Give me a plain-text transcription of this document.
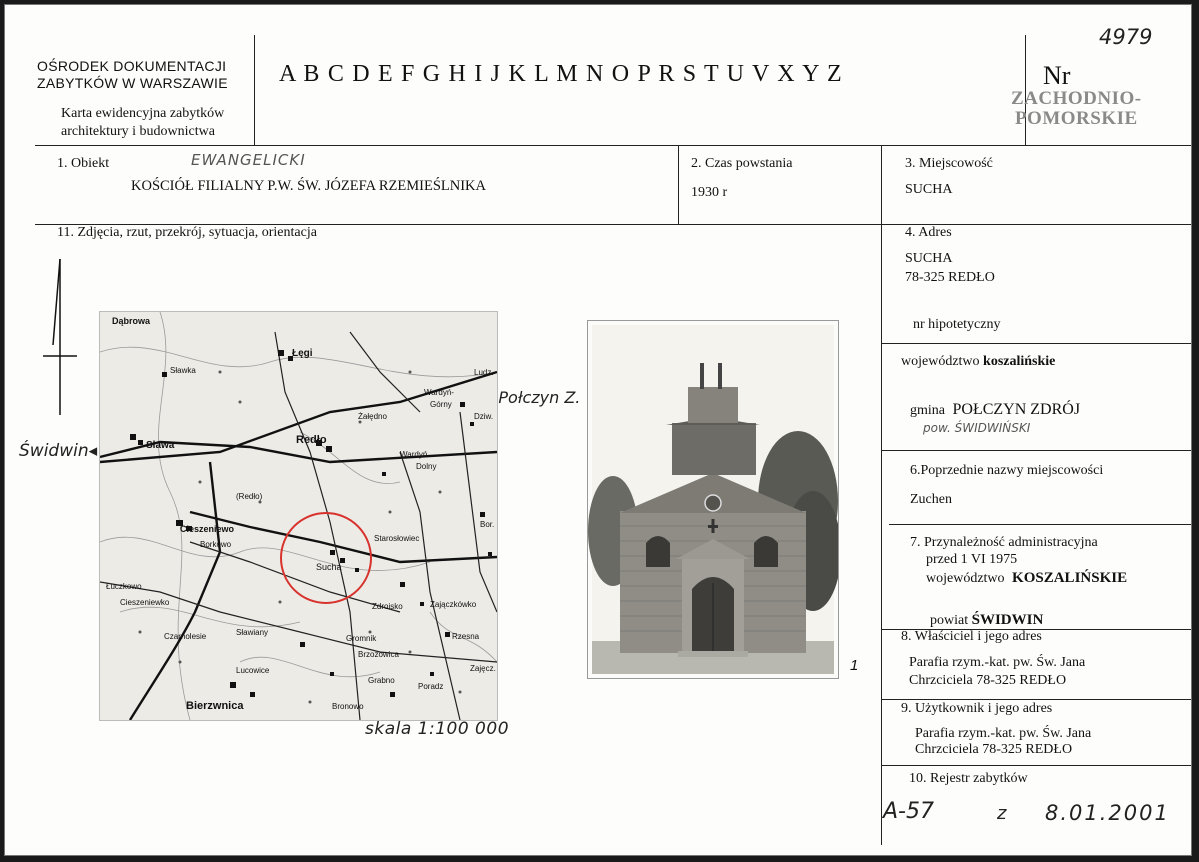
OŚRODEK DOKUMENTACJI
ZABYTKÓW W WARSZAWIE
Karta ewidencyjna zabytków
architektury i budownictwa
A B C D E F G H I J K L M N O P R S T U V X Y Z	Nr
4979
ZACHODNIO-
POMORSKIE
1. Obiekt	EWANGELICKI
KOŚCIÓŁ FILIALNY P.W. ŚW. JÓZEFA RZEMIEŚLNIKA
2. Czas powstania
1930 r
3. Miejscowość
SUCHA
4. Adres
SUCHA
78-325 REDŁO
nr hipotetyczny
województwo koszalińskie
gmina POŁCZYN ZDRÓJ
pow. ŚWIDWIŃSKI
6.Poprzednie nazwy miejscowości
Zuchen
7. Przynależność administracyjna
przed 1 VI 1975
województwo KOSZALIŃSKIE
powiat ŚWIDWIN
8. Właściciel i jego adres
Parafia rzym.-kat. pw. Św. Jana
Chrzciciela 78-325 REDŁO
9. Użytkownik i jego adres
Parafia rzym.-kat. pw. Św. Jana
Chrzciciela 78-325 REDŁO
10. Rejestr zabytków
A-57	z 8.01.2001
11. Zdjęcia, rzut, przekrój, sytuacja, orientacja
Świdwin◂
Połczyn Z.
Dąbrowa
Łęgi
Sławka
Sława
Żałędno
Redło
Wardyń-
Górny
Wardyń
Dolny
(Redło)
Cieszeniewo
Borkowo
Starosłowiec
Sucha
Łuczkowo
Cieszeniewko	Zdroisko	Zajączkówko
Czarnolesie	Sławiany
Gromnik	Rzesna
Brzozowica
Lucowice
Bierzwnica
Grabno
Poradz
Bronowo
Ludz.
Dziw.
Bor.
Zajęcz.
skala 1:100 000
1
